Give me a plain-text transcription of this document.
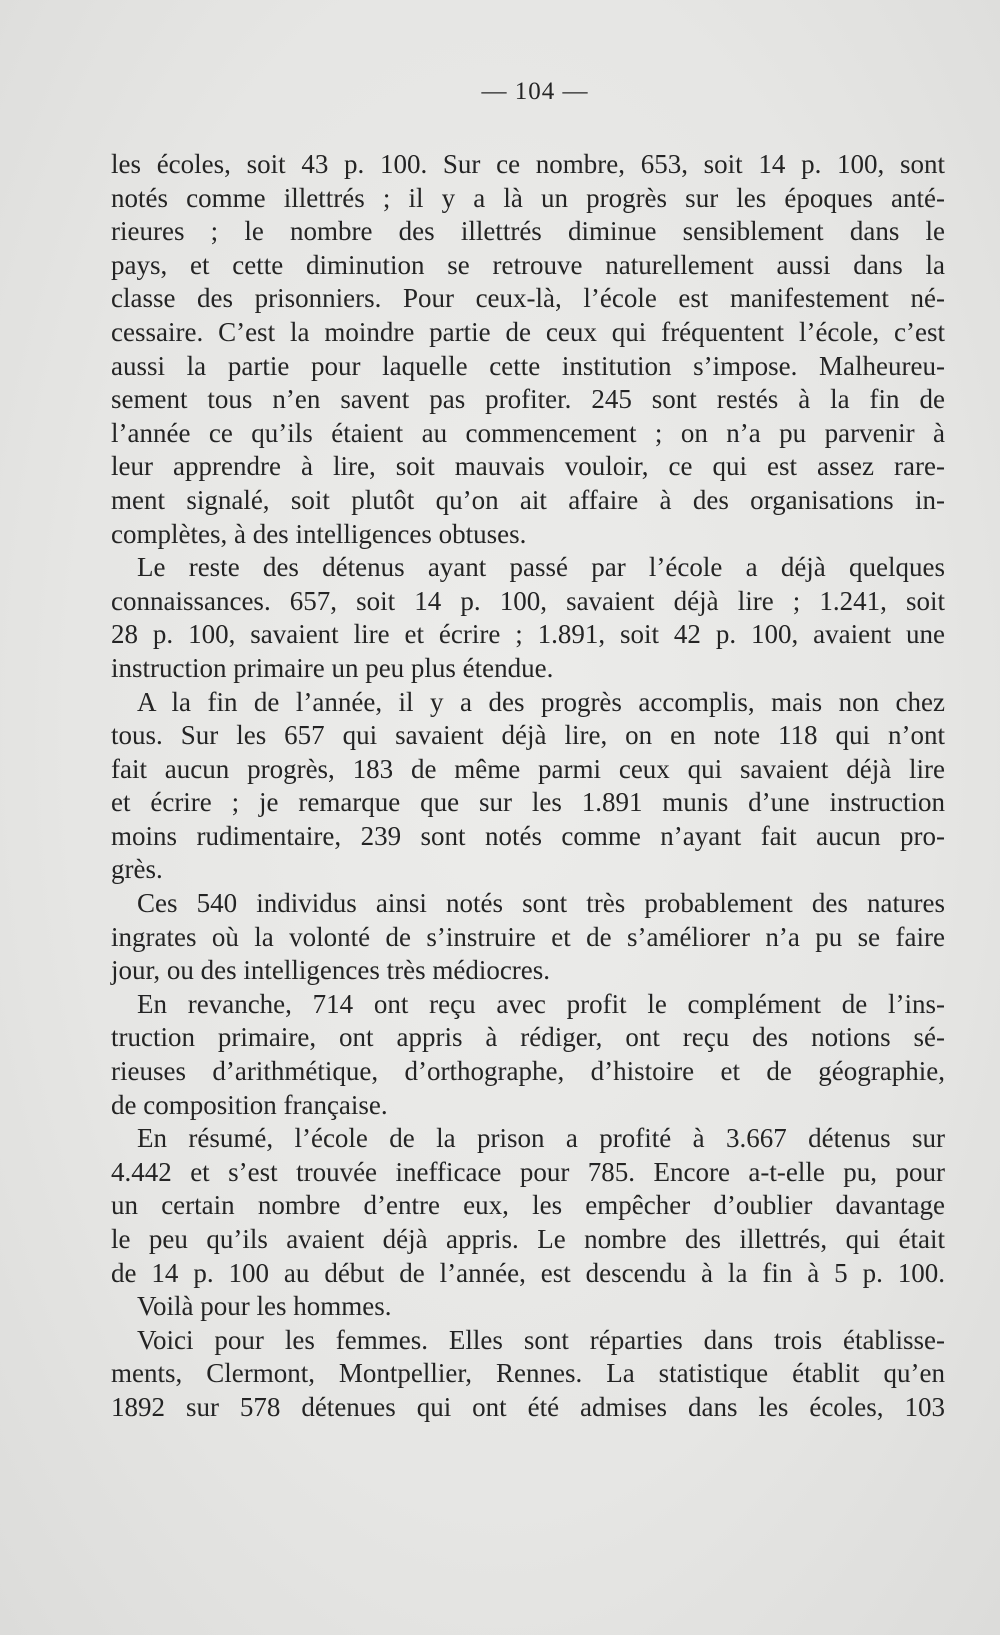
— 104 —
les écoles, soit 43 p. 100. Sur ce nombre, 653, soit 14 p. 100, sont
notés comme illettrés ; il y a là un progrès sur les époques anté-
rieures ; le nombre des illettrés diminue sensiblement dans le
pays, et cette diminution se retrouve naturellement aussi dans la
classe des prisonniers. Pour ceux-là, l’école est manifestement né-
cessaire. C’est la moindre partie de ceux qui fréquentent l’école, c’est
aussi la partie pour laquelle cette institution s’impose. Malheureu-
sement tous n’en savent pas profiter. 245 sont restés à la fin de
l’année ce qu’ils étaient au commencement ; on n’a pu parvenir à
leur apprendre à lire, soit mauvais vouloir, ce qui est assez rare-
ment signalé, soit plutôt qu’on ait affaire à des organisations in-
complètes, à des intelligences obtuses.
Le reste des détenus ayant passé par l’école a déjà quelques
connaissances. 657, soit 14 p. 100, savaient déjà lire ; 1.241, soit
28 p. 100, savaient lire et écrire ; 1.891, soit 42 p. 100, avaient une
instruction primaire un peu plus étendue.
A la fin de l’année, il y a des progrès accomplis, mais non chez
tous. Sur les 657 qui savaient déjà lire, on en note 118 qui n’ont
fait aucun progrès, 183 de même parmi ceux qui savaient déjà lire
et écrire ; je remarque que sur les 1.891 munis d’une instruction
moins rudimentaire, 239 sont notés comme n’ayant fait aucun pro-
grès.
Ces 540 individus ainsi notés sont très probablement des natures
ingrates où la volonté de s’instruire et de s’améliorer n’a pu se faire
jour, ou des intelligences très médiocres.
En revanche, 714 ont reçu avec profit le complément de l’ins-
truction primaire, ont appris à rédiger, ont reçu des notions sé-
rieuses d’arithmétique, d’orthographe, d’histoire et de géographie,
de composition française.
En résumé, l’école de la prison a profité à 3.667 détenus sur
4.442 et s’est trouvée inefficace pour 785. Encore a-t-elle pu, pour
un certain nombre d’entre eux, les empêcher d’oublier davantage
le peu qu’ils avaient déjà appris. Le nombre des illettrés, qui était
de 14 p. 100 au début de l’année, est descendu à la fin à 5 p. 100.
Voilà pour les hommes.
Voici pour les femmes. Elles sont réparties dans trois établisse-
ments, Clermont, Montpellier, Rennes. La statistique établit qu’en
1892 sur 578 détenues qui ont été admises dans les écoles, 103
